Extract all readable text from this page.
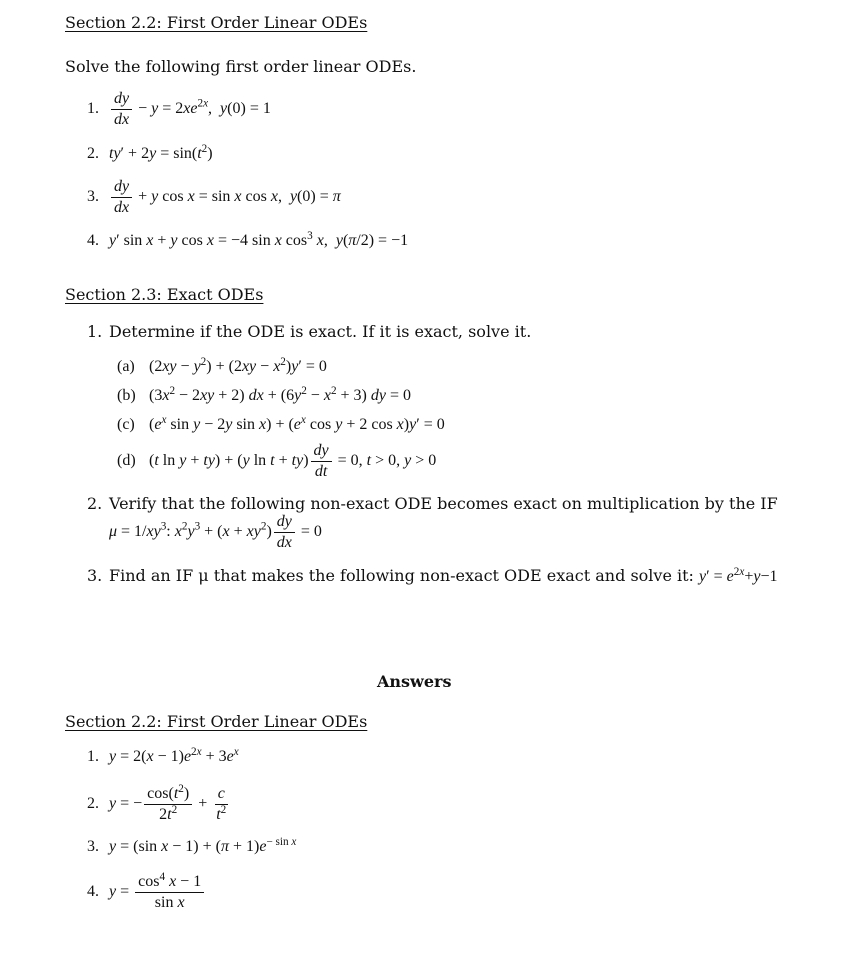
Section 2.2: First Order Linear ODEs
Solve the following first order linear ODEs.
1. $\frac{dy}{dx} - y = 2xe^{2x}$,  y(0) = 1
2. $ty' + 2y = \sin(t^2)$
3. $\frac{dy}{dx} + y$ cos x = sin x cos x,  y(0) = π
4. y′ sin x + y cos x = −4 sin x $\cos^3 x$,  y(π/2) = −1
Section 2.3: Exact ODEs
1. Determine if the ODE is exact. If it is exact, solve it.
(a) $(2xy - y^2) + (2xy - x^2)y' = 0$
(b) $(3x^2 - 2xy + 2)$ dx + $(6y^2 - x^2 + 3)$ dy = 0
(c) ($e^x$ sin y − 2y $\sin x) + (e^x$ cos y + 2 cos x)y′ = 0
(d) (t ln y + ty) + (y $\ln t + ty) \frac{dy}{dt} = 0$, t > 0, y > 0
2. Verify that the following non-exact ODE becomes exact on multiplication by the IF
$\mu = 1/xy^3$: $x^2y^3 + (x + xy^2) \frac{dy}{dx} = 0$
3. Find an IF μ that makes the following non-exact ODE exact and solve it: $y' = e^{2x}+y-1$
Answers
Section 2.2: First Order Linear ODEs
1. $y = 2(x - 1)e^{2x} + 3e^x$
2. y = − $\frac{\cos(t^2)}{2t^2} + \frac{c}{t^2}$
3. y = (sin $x - 1) + (\pi + 1)e^{- sin x}$
4. $y = \frac{\cos^4 x - 1}{\text{sin x}}$
